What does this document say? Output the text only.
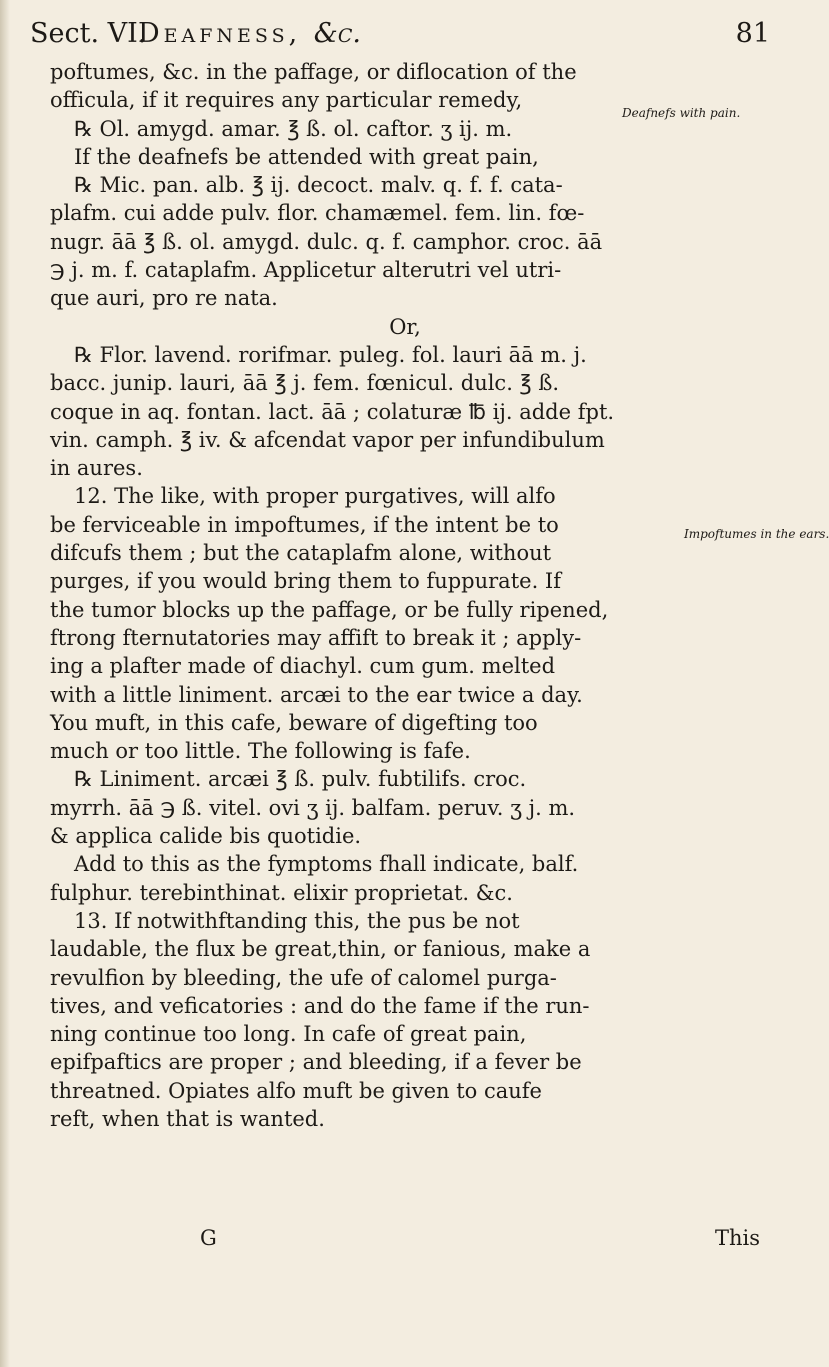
Sect. VI.
Deafness, &c.	81
Deafnefs with pain.
Impoftumes in the ears.

poftumes, &c. in the paffage, or diflocation of the

officula, if it requires any particular remedy,

℞ Ol. amygd. amar. ℥ ß. ol. caftor. ʒ ij. m.

If the deafnefs be attended with great pain,

℞ Mic. pan. alb. ℥ ij. decoct. malv. q. f. f. cata-

plafm. cui adde pulv. flor. chamæmel. fem. lin. fœ-

nugr. āā ℥ ß. ol. amygd. dulc. q. f. camphor. croc. āā

℈ j. m. f. cataplafm. Applicetur alterutri vel utri-

que auri, pro re nata.

Or,

℞ Flor. lavend. rorifmar. puleg. fol. lauri āā m. j.

bacc. junip. lauri, āā ℥ j. fem. fœnicul. dulc. ℥ ß.

coque in aq. fontan. lact. āā ; colaturæ ℔ ij. adde fpt.

vin. camph. ℥ iv. & afcendat vapor per infundibulum

in aures.

12. The like, with proper purgatives, will alfo

be ferviceable in impoftumes, if the intent be to

difcufs them ; but the cataplafm alone, without

purges, if you would bring them to fuppurate. If

the tumor blocks up the paffage, or be fully ripened,

ftrong fternutatories may affift to break it ; apply-

ing a plafter made of diachyl. cum gum. melted

with a little liniment. arcæi to the ear twice a day.

You muft, in this cafe, beware of digefting too

much or too little. The following is fafe.

℞ Liniment. arcæi ℥ ß. pulv. fubtilifs. croc.

myrrh. āā ℈ ß. vitel. ovi ʒ ij. balfam. peruv. ʒ j. m.

& applica calide bis quotidie.

Add to this as the fymptoms fhall indicate, balf.

fulphur. terebinthinat. elixir proprietat. &c.

13. If notwithftanding this, the pus be not

laudable, the flux be great,thin, or fanious, make a

revulfion by bleeding, the ufe of calomel purga-

tives, and veficatories : and do the fame if the run-

ning continue too long. In cafe of great pain,

epifpaftics are proper ; and bleeding, if a fever be

threatned. Opiates alfo muft be given to caufe

reft, when that is wanted.

G	This
